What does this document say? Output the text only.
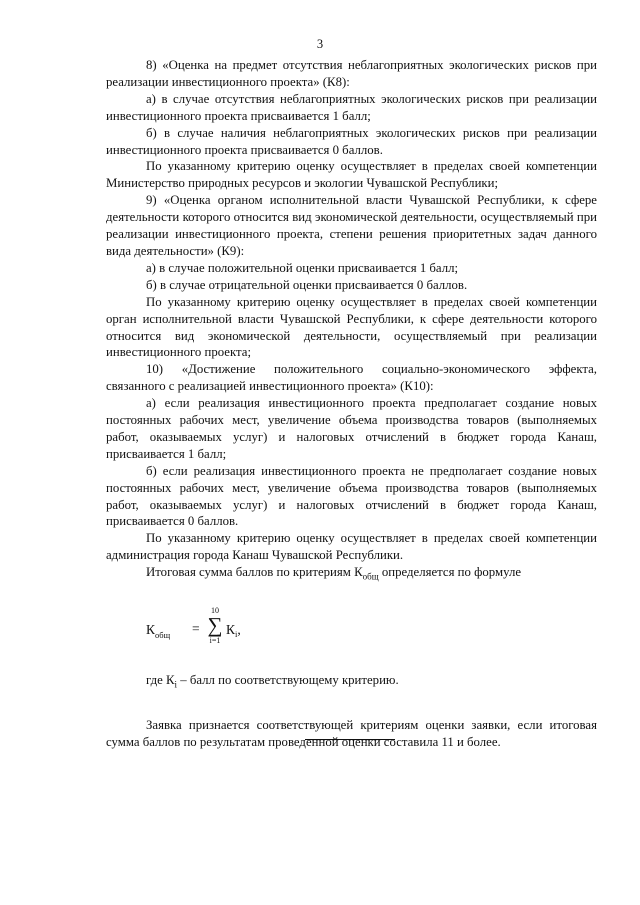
3

8) «Оценка на предмет отсутствия неблагоприятных экологических рисков при реализации инвестиционного проекта» (К8):

а) в случае отсутствия неблагоприятных экологических рисков при реализации инвестиционного проекта присваивается 1 балл;

б) в случае наличия неблагоприятных экологических рисков при реализации инвестиционного проекта присваивается 0 баллов.

По указанному критерию оценку осуществляет в пределах своей компетенции Министерство природных ресурсов и экологии Чувашской Республики;

9) «Оценка органом исполнительной власти Чувашской Республики, к сфере деятельности которого относится вид экономической деятельности, осуществляемый при реализации инвестиционного проекта, степени решения приоритетных задач данного вида деятельности» (К9):

а) в случае положительной оценки присваивается 1 балл;

б) в случае отрицательной оценки присваивается 0 баллов.

По указанному критерию оценку осуществляет в пределах своей компетенции орган исполнительной власти Чувашской Республики, к сфере деятельности которого относится вид экономической деятельности, осуществляемый при реализации инвестиционного проекта;

10) «Достижение положительного социально-экономического эффекта, связанного с реализацией инвестиционного проекта» (К10):

а) если реализация инвестиционного проекта предполагает создание новых постоянных рабочих мест, увеличение объема производства товаров (выполняемых работ, оказываемых услуг) и налоговых отчислений в бюджет города Канаш, присваивается 1 балл;

б) если реализация инвестиционного проекта не предполагает создание новых постоянных рабочих мест, увеличение объема производства товаров (выполняемых работ, оказываемых услуг) и налоговых отчислений в бюджет города Канаш, присваивается 0 баллов.

По указанному критерию оценку осуществляет в пределах своей компетенции администрация города Канаш Чувашской Республики.

Итоговая сумма баллов по критериям $К_{общ}$ определяется по формуле

$К_{общ}$ =
10
∑
i=1
$К_i$,

где $К_i$ – балл по соответствующему критерию.

Заявка признается соответствующей критериям оценки заявки, если итоговая сумма баллов по результатам проведенной оценки составила 11 и более.
